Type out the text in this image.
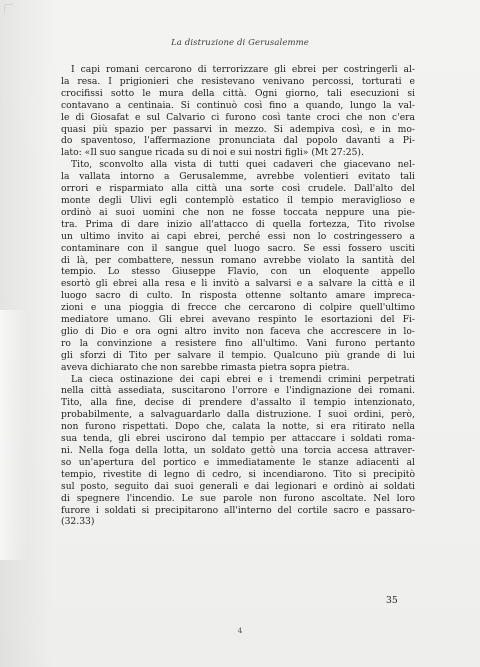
La distruzione di Gerusalemme
I capi romani cercarono di terrorizzare gli ebrei per costringerli al-
la resa. I prigionieri che resistevano venivano percossi, torturati e
crocifissi sotto le mura della città. Ogni giorno, tali esecuzioni si
contavano a centinaia. Si continuò così fino a quando, lungo la val-
le di Giosafat e sul Calvario ci furono così tante croci che non c'era
quasi più spazio per passarvi in mezzo. Si adempiva così, e in mo-
do spaventoso, l'affermazione pronunciata dal popolo davanti a Pi-
lato: «Il suo sangue ricada su di noi e sui nostri figli» (Mt 27:25).
Tito, sconvolto alla vista di tutti quei cadaveri che giacevano nel-
la vallata intorno a Gerusalemme, avrebbe volentieri evitato tali
orrori e risparmiato alla città una sorte così crudele. Dall'alto del
monte degli Ulivi egli contemplò estatico il tempio meraviglioso e
ordinò ai suoi uomini che non ne fosse toccata neppure una pie-
tra. Prima di dare inizio all'attacco di quella fortezza, Tito rivolse
un ultimo invito ai capi ebrei, perché essi non lo costringessero a
contaminare con il sangue quel luogo sacro. Se essi fossero usciti
di là, per combattere, nessun romano avrebbe violato la santità del
tempio. Lo stesso Giuseppe Flavio, con un eloquente appello
esortò gli ebrei alla resa e li invitò a salvarsi e a salvare la città e il
luogo sacro di culto. In risposta ottenne soltanto amare impreca-
zioni e una pioggia di frecce che cercarono di colpire quell'ultimo
mediatore umano. Gli ebrei avevano respinto le esortazioni del Fi-
glio di Dio e ora ogni altro invito non faceva che accrescere in lo-
ro la convinzione a resistere fino all'ultimo. Vani furono pertanto
gli sforzi di Tito per salvare il tempio. Qualcuno più grande di lui
aveva dichiarato che non sarebbe rimasta pietra sopra pietra.
La cieca ostinazione dei capi ebrei e i tremendi crimini perpetrati
nella città assediata, suscitarono l'orrore e l'indignazione dei romani.
Tito, alla fine, decise di prendere d'assalto il tempio intenzionato,
probabilmente, a salvaguardarlo dalla distruzione. I suoi ordini, però,
non furono rispettati. Dopo che, calata la notte, si era ritirato nella
sua tenda, gli ebrei uscirono dal tempio per attaccare i soldati roma-
ni. Nella foga della lotta, un soldato gettò una torcia accesa attraver-
so un'apertura del portico e immediatamente le stanze adiacenti al
tempio, rivestite di legno di cedro, si incendiarono. Tito si precipitò
sul posto, seguito dai suoi generali e dai legionari e ordinò ai soldati
di spegnere l'incendio. Le sue parole non furono ascoltate. Nel loro
furore i soldati si precipitarono all'interno del cortile sacro e passaro-
(32.33)
35
4
